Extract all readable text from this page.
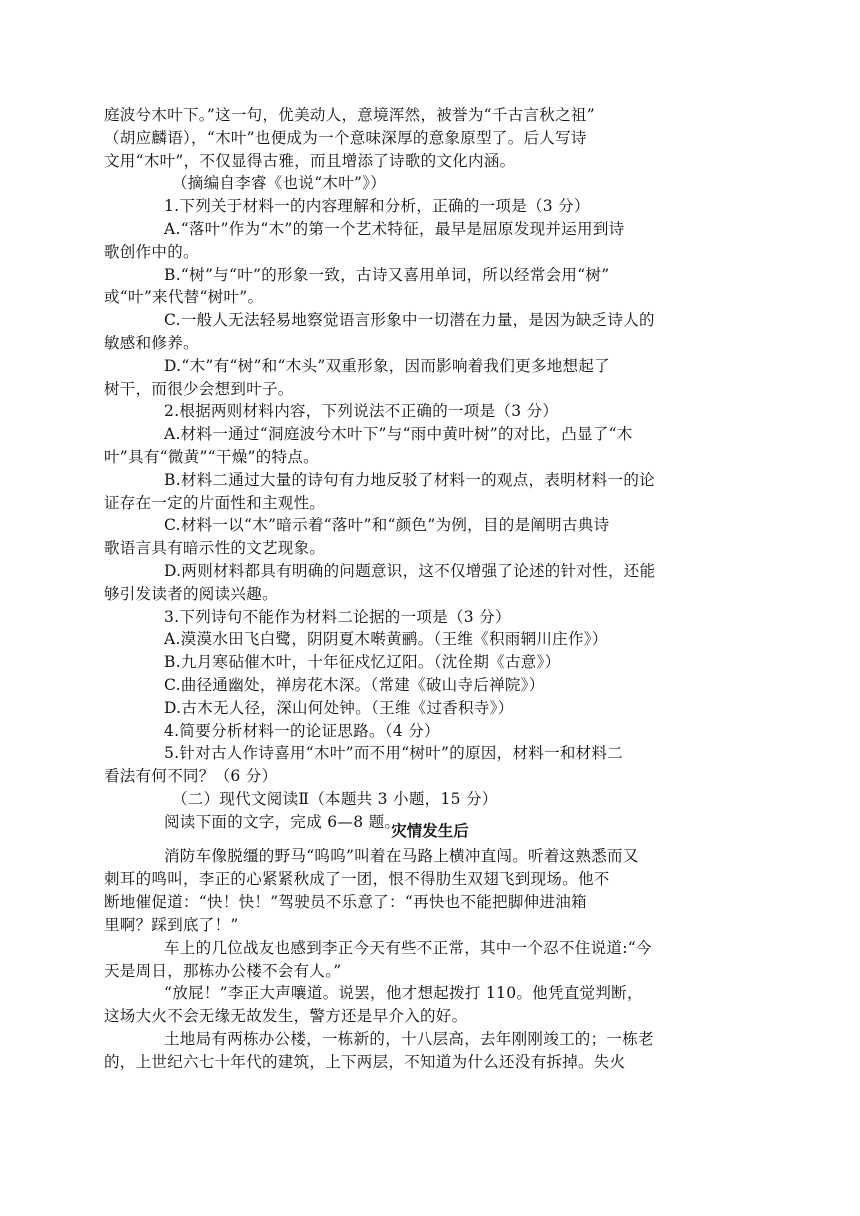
庭波兮木叶下。”这一句，优美动人，意境浑然，被誉为“千古言秋之祖”
（胡应麟语），“木叶”也便成为一个意味深厚的意象原型了。后人写诗
文用“木叶”，不仅显得古雅，而且增添了诗歌的文化内涵。
（摘编自李睿《也说“木叶”》）
1.下列关于材料一的内容理解和分析，正确的一项是（3 分）
A.“落叶”作为“木”的第一个艺术特征，最早是屈原发现并运用到诗
歌创作中的。
B.“树”与“叶”的形象一致，古诗又喜用单词，所以经常会用“树”
或“叶”来代替“树叶”。
C.一般人无法轻易地察觉语言形象中一切潜在力量，是因为缺乏诗人的
敏感和修养。
D.“木”有“树”和“木头”双重形象，因而影响着我们更多地想起了
树干，而很少会想到叶子。
2.根据两则材料内容，下列说法不正确的一项是（3 分）
A.材料一通过“洞庭波兮木叶下”与“雨中黄叶树”的对比，凸显了“木
叶”具有“微黄”“干燥”的特点。
B.材料二通过大量的诗句有力地反驳了材料一的观点，表明材料一的论
证存在一定的片面性和主观性。
C.材料一以“木”暗示着“落叶”和“颜色”为例，目的是阐明古典诗
歌语言具有暗示性的文艺现象。
D.两则材料都具有明确的问题意识，这不仅增强了论述的针对性，还能
够引发读者的阅读兴趣。
3.下列诗句不能作为材料二论据的一项是（3 分）
A.漠漠水田飞白鹭，阴阴夏木啭黄鹂。（王维《积雨辋川庄作》）
B.九月寒砧催木叶，十年征戍忆辽阳。（沈佺期《古意》）
C.曲径通幽处，禅房花木深。（常建《破山寺后禅院》）
D.古木无人径，深山何处钟。（王维《过香积寺》）
4.简要分析材料一的论证思路。（4 分）
5.针对古人作诗喜用“木叶”而不用“树叶”的原因，材料一和材料二
看法有何不同？（6 分）
（二）现代文阅读Ⅱ（本题共 3 小题，15 分）
阅读下面的文字，完成 6—8 题。
灾情发生后
消防车像脱缰的野马“呜呜”叫着在马路上横冲直闯。听着这熟悉而又
刺耳的鸣叫，李正的心紧紧秋成了一团，恨不得肋生双翅飞到现场。他不
断地催促道：“快！快！”驾驶员不乐意了：“再快也不能把脚伸进油箱
里啊？踩到底了！”
车上的几位战友也感到李正今天有些不正常，其中一个忍不住说道:“今
天是周日，那栋办公楼不会有人。”
“放屁！”李正大声嚷道。说罢，他才想起拨打 110。他凭直觉判断，
这场大火不会无缘无故发生，警方还是早介入的好。
土地局有两栋办公楼，一栋新的，十八层高，去年刚刚竣工的；一栋老
的，上世纪六七十年代的建筑，上下两层，不知道为什么还没有拆掉。失火
